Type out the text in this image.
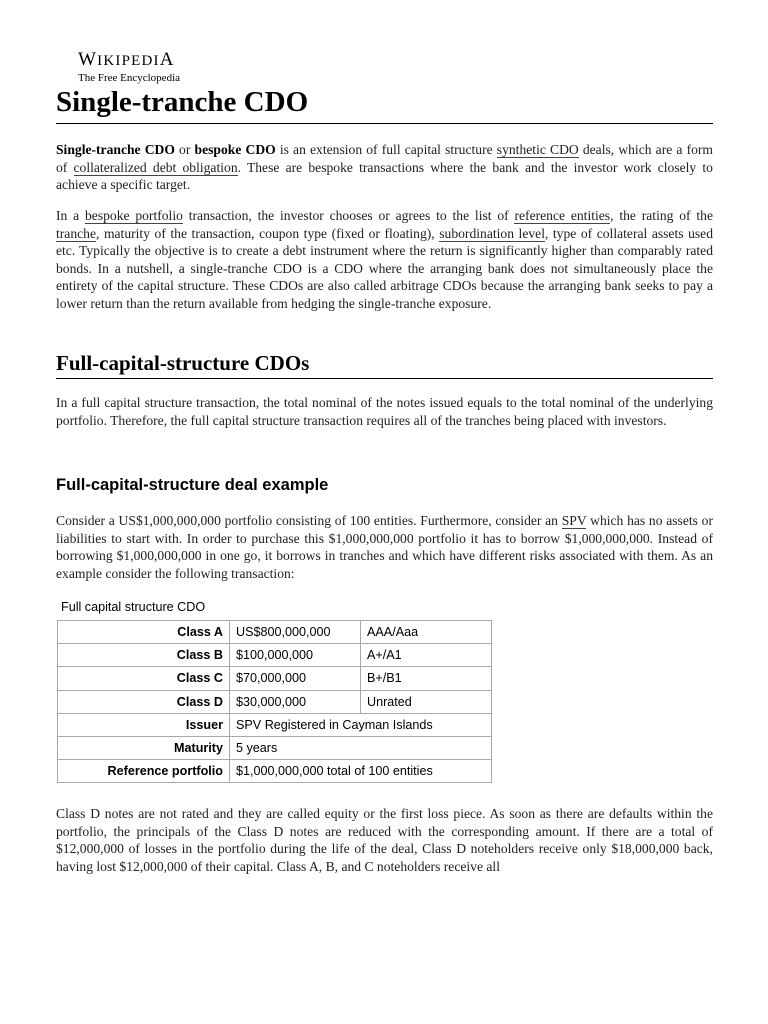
WIKIPEDIA
The Free Encyclopedia
Single-tranche CDO

Single-tranche CDO or bespoke CDO is an extension of full capital structure synthetic CDO deals, which are a form of collateralized debt obligation. These are bespoke transactions where the bank and the investor work closely to achieve a specific target.

In a bespoke portfolio transaction, the investor chooses or agrees to the list of reference entities, the rating of the tranche, maturity of the transaction, coupon type (fixed or floating), subordination level, type of collateral assets used etc. Typically the objective is to create a debt instrument where the return is significantly higher than comparably rated bonds. In a nutshell, a single-tranche CDO is a CDO where the arranging bank does not simultaneously place the entirety of the capital structure. These CDOs are also called arbitrage CDOs because the arranging bank seeks to pay a lower return than the return available from hedging the single-tranche exposure.

Full-capital-structure CDOs

In a full capital structure transaction, the total nominal of the notes issued equals to the total nominal of the underlying portfolio. Therefore, the full capital structure transaction requires all of the tranches being placed with investors.

Full-capital-structure deal example

Consider a US$1,000,000,000 portfolio consisting of 100 entities. Furthermore, consider an SPV which has no assets or liabilities to start with. In order to purchase this $1,000,000,000 portfolio it has to borrow $1,000,000,000. Instead of borrowing $1,000,000,000 in one go, it borrows in tranches and which have different risks associated with them. As an example consider the following transaction:

Full capital structure CDO
Class A	US$800,000,000	AAA/Aaa
Class B	$100,000,000	A+/A1
Class C	$70,000,000	B+/B1
Class D	$30,000,000	Unrated
Issuer	SPV Registered in Cayman Islands	
Maturity	5 years	
Reference portfolio	$1,000,000,000 total of 100 entities	

Class D notes are not rated and they are called equity or the first loss piece. As soon as there are defaults within the portfolio, the principals of the Class D notes are reduced with the corresponding amount. If there are a total of $12,000,000 of losses in the portfolio during the life of the deal, Class D noteholders receive only $18,000,000 back, having lost $12,000,000 of their capital. Class A, B, and C noteholders receive all
